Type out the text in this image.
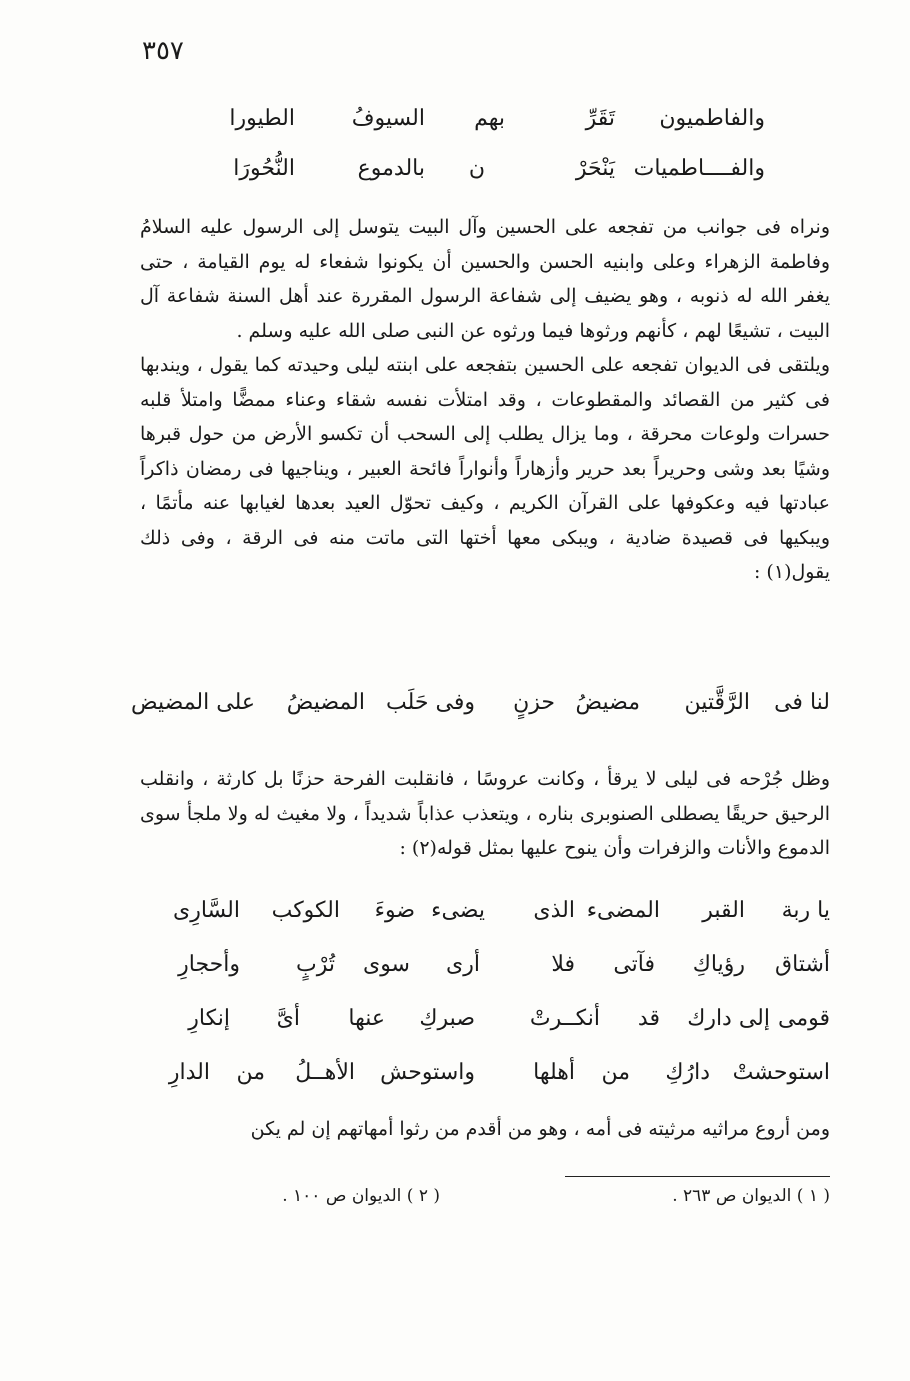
٣٥٧
والفاطميون
تَقَرِّ
بهم
السيوفُ
الطيورا
والفــــاطميات
يَنْحَرْ
ن
بالدموع
النُّحُورَا

ونراه فى جوانب من تفجعه على الحسين وآل البيت يتوسل إلى الرسول عليه السلامُ وفاطمة الزهراء وعلى وابنيه الحسن والحسين أن يكونوا شفعاء له يوم القيامة ، حتى يغفر الله له ذنوبه ، وهو يضيف إلى شفاعة الرسول المقررة عند أهل السنة شفاعة آل البيت ، تشيعًا لهم ، كأنهم ورثوها فيما ورثوه عن النبى صلى الله عليه وسلم .

ويلتقى فى الديوان تفجعه على الحسين بتفجعه على ابنته ليلى وحيدته كما يقول ، ويندبها فى كثير من القصائد والمقطوعات ، وقد امتلأت نفسه شقاء وعناء ممضًّا وامتلأ قلبه حسرات ولوعات محرقة ، وما يزال يطلب إلى السحب أن تكسو الأرض من حول قبرها وشيًا بعد وشى وحريراً بعد حرير وأزهاراً وأنواراً فائحة العبير ، ويناجيها فى رمضان ذاكراً عبادتها فيه وعكوفها على القرآن الكريم ، وكيف تحوّل العيد بعدها لغيابها عنه مأتمًا ، ويبكيها فى قصيدة ضادية ، ويبكى معها أختها التى ماتت منه فى الرقة ، وفى ذلك يقول(١) :

لنا فى
الرَّقَّتين
مضيضُ
حزنٍ
وفى حَلَب
المضيضُ
على المضيض

وظل جُرْحه فى ليلى لا يرقأ ، وكانت عروسًا ، فانقلبت الفرحة حزنًا بل كارثة ، وانقلب الرحيق حريقًا يصطلى الصنوبرى بناره ، ويتعذب عذاباً شديداً ، ولا مغيث له ولا ملجأ سوى الدموع والأنات والزفرات وأن ينوح عليها بمثل قوله(٢) :

يا ربة
القبر
المضىء
الذى
يضىء
ضوءَ
الكوكب
السَّارِى
أشتاق
رؤياكِ
فآتى
فلا
أرى
سوى
تُرْبٍ
وأحجارِ
قومى
إلى دارك
قد
أنكــرتْ
صبركِ
عنها
أىَّ
إنكارِ
استوحشتْ
دارُكِ
من
أهلها
واستوحش
الأهــلُ
من
الدارِ

ومن أروع مراثيه مرثيته فى أمه ، وهو من أقدم من رثوا أمهاتهم إن لم يكن

( ١ ) الديوان ص ٢٦٣ .
( ٢ ) الديوان ص ١٠٠ .
